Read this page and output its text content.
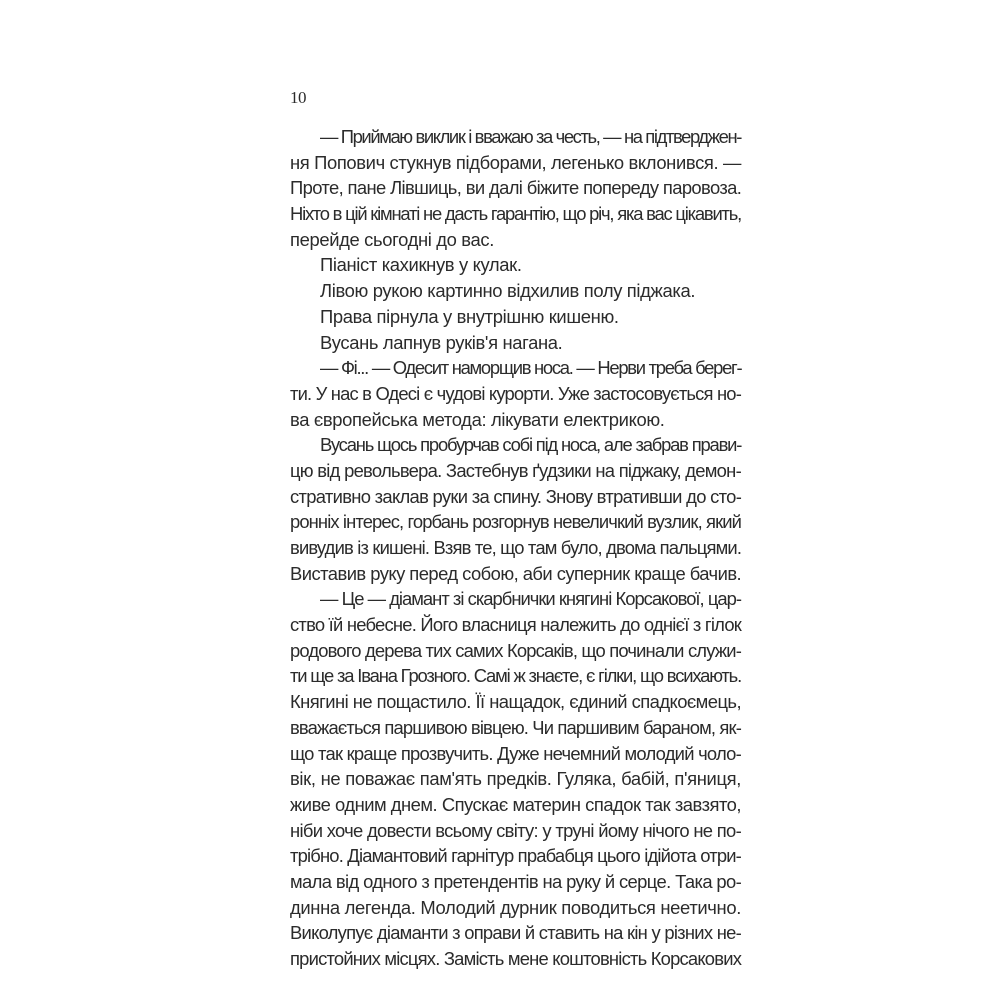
10
— Приймаю виклик і вважаю за честь, — на підтверджен-
ня Попович стукнув підборами, легенько вклонився. —
Проте, пане Лівшиць, ви далі біжите попереду паровоза.
Ніхто в цій кімнаті не дасть гарантію, що річ, яка вас цікавить,
перейде сьогодні до вас.
Піаніст кахикнув у кулак.
Лівою рукою картинно відхилив полу піджака.
Права пірнула у внутрішню кишеню.
Вусань лапнув руків'я нагана.
— Фі... — Одесит наморщив носа. — Нерви треба берег-
ти. У нас в Одесі є чудові курорти. Уже застосовується но-
ва європейська метода: лікувати електрикою.
Вусань щось пробурчав собі під носа, але забрав прави-
цю від револьвера. Застебнув ґудзики на піджаку, демон-
стративно заклав руки за спину. Знову втративши до сто-
ронніх інтерес, горбань розгорнув невеличкий вузлик, який
вивудив із кишені. Взяв те, що там було, двома пальцями.
Виставив руку перед собою, аби суперник краще бачив.
— Це — діамант зі скарбнички княгині Корсакової, цар-
ство їй небесне. Його власниця належить до однієї з гілок
родового дерева тих самих Корсаків, що починали служи-
ти ще за Івана Грозного. Самі ж знаєте, є гілки, що всихають.
Княгині не пощастило. Її нащадок, єдиний спадкоємець,
вважається паршивою вівцею. Чи паршивим бараном, як-
що так краще прозвучить. Дуже нечемний молодий чоло-
вік, не поважає пам'ять предків. Гуляка, бабій, п'яниця,
живе одним днем. Спускає материн спадок так завзято,
ніби хоче довести всьому світу: у труні йому нічого не по-
трібно. Діамантовий гарнітур прабабця цього ідійота отри-
мала від одного з претендентів на руку й серце. Така ро-
динна легенда. Молодий дурник поводиться неетично.
Виколупує діаманти з оправи й ставить на кін у різних не-
пристойних місцях. Замість мене коштовність Корсакових
